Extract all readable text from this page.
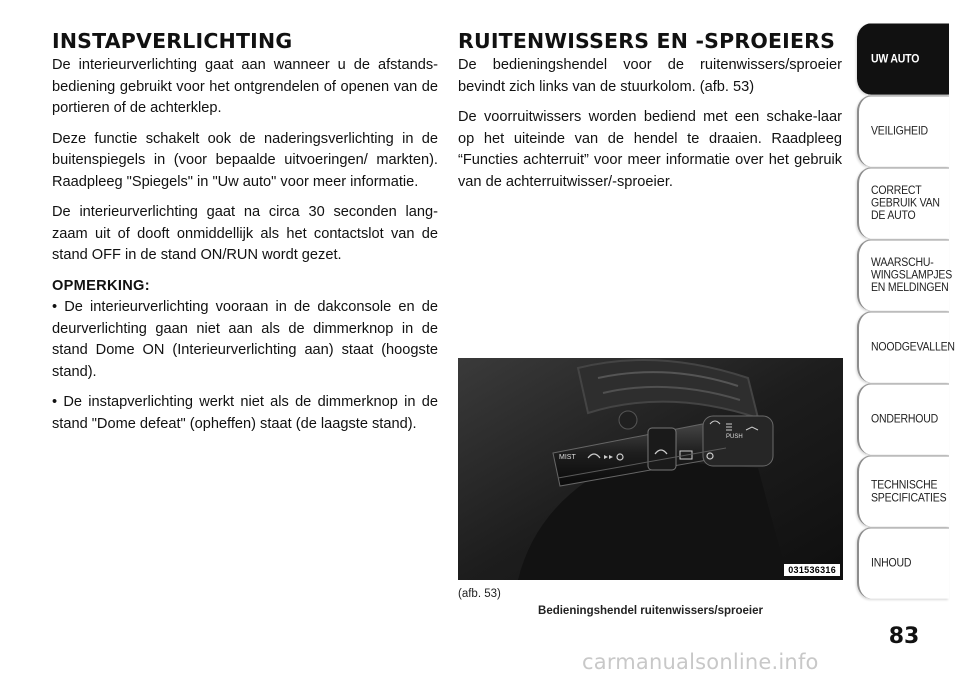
INSTAPVERLICHTING

De interieurverlichting gaat aan wanneer u de afstands-bediening gebruikt voor het ontgrendelen of openen van de portieren of de achterklep.

Deze functie schakelt ook de naderingsverlichting in de buitenspiegels in (voor bepaalde uitvoeringen/ markten). Raadpleeg "Spiegels" in "Uw auto" voor meer informatie.

De interieurverlichting gaat na circa 30 seconden lang-zaam uit of dooft onmiddellijk als het contactslot van de stand OFF in de stand ON/RUN wordt gezet.

OPMERKING:

• De interieurverlichting vooraan in de dakconsole en de deurverlichting gaan niet aan als de dimmerknop in de stand Dome ON (Interieurverlichting aan) staat (hoogste stand).

• De instapverlichting werkt niet als de dimmerknop in de stand "Dome defeat" (opheffen) staat (de laagste stand).

RUITENWISSERS EN -SPROEIERS

De bedieningshendel voor de ruitenwissers/sproeier bevindt zich links van de stuurkolom. (afb. 53)

De voorruitwissers worden bediend met een schake-laar op het uiteinde van de hendel te draaien. Raadpleeg “Functies achterruit” voor meer informatie over het gebruik van de achterruitwisser/-sproeier.

MIST
PUSH
031536316
(afb. 53)
Bedieningshendel ruitenwissers/sproeier
UW AUTO
VEILIGHEID
CORRECT
GEBRUIK VAN
DE AUTO
WAARSCHU-
WINGSLAMPJES
EN MELDINGEN
NOODGEVALLEN
ONDERHOUD
TECHNISCHE
SPECIFICATIES
INHOUD
83
carmanualsonline.info
